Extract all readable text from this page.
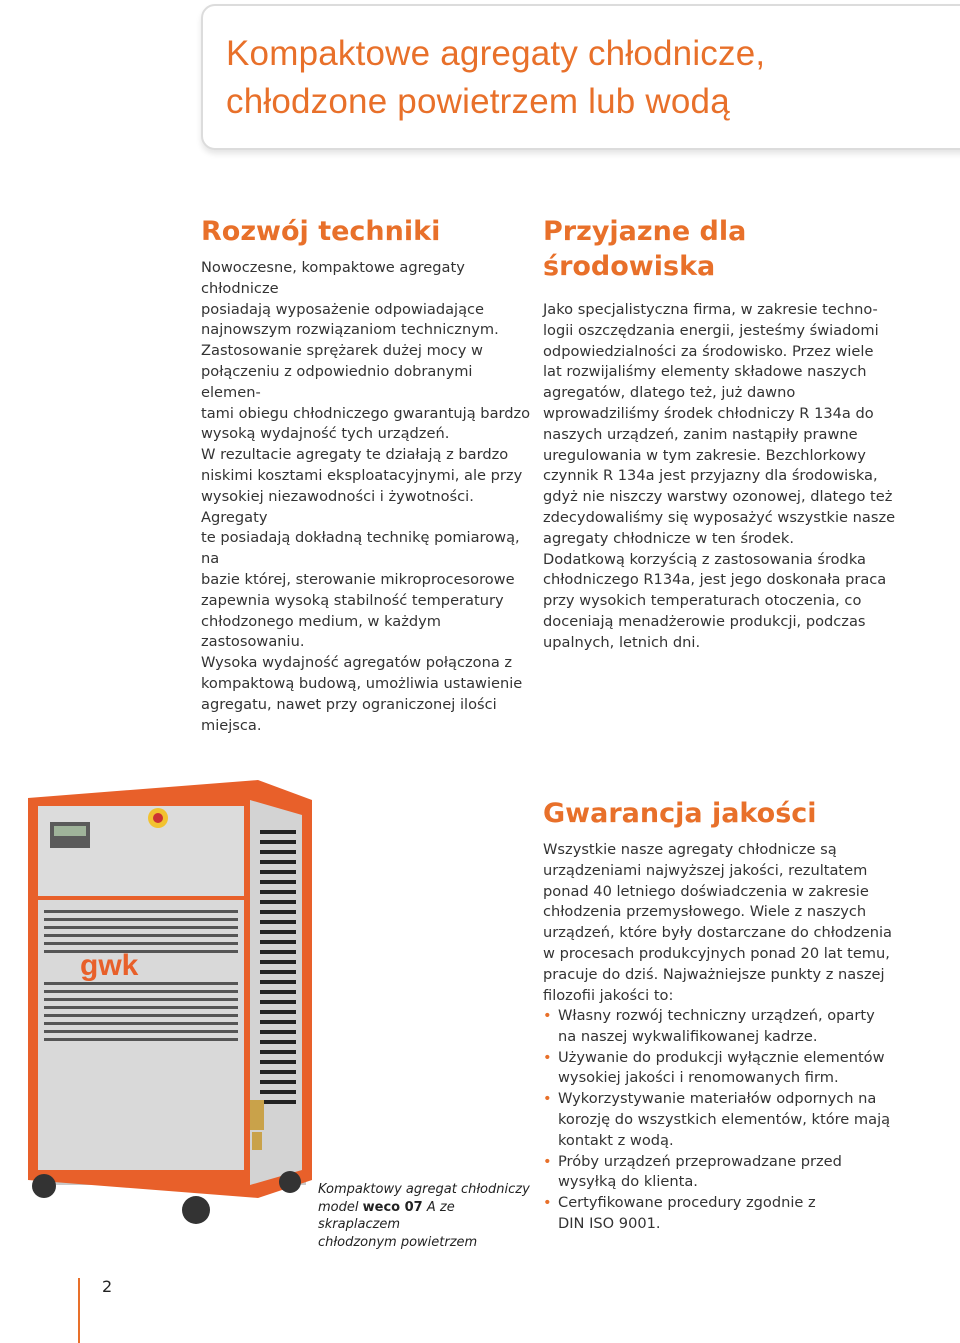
Kompaktowe agregaty chłodnicze,
chłodzone powietrzem lub wodą
Rozwój techniki
Nowoczesne, kompaktowe agregaty chłodnicze
posiadają wyposażenie odpowiadające
najnowszym rozwiązaniom technicznym.
Zastosowanie sprężarek dużej mocy w
połączeniu z odpowiednio dobranymi elemen-
tami obiegu chłodniczego gwarantują bardzo
wysoką wydajność tych urządzeń.
W rezultacie agregaty te działają z bardzo
niskimi kosztami eksploatacyjnymi, ale przy
wysokiej niezawodności i żywotności. Agregaty
te posiadają dokładną technikę pomiarową, na
bazie której, sterowanie mikroprocesorowe
zapewnia wysoką stabilność temperatury
chłodzonego medium, w każdym zastosowaniu.
Wysoka wydajność agregatów połączona z
kompaktową budową, umożliwia ustawienie
agregatu, nawet przy ograniczonej ilości
miejsca.
Przyjazne dla
środowiska
Jako specjalistyczna firma, w zakresie techno-
logii oszczędzania energii, jesteśmy świadomi
odpowiedzialności za środowisko. Przez wiele
lat rozwijaliśmy elementy składowe naszych
agregatów, dlatego też, już dawno
wprowadziliśmy środek chłodniczy R 134a do
naszych urządzeń, zanim nastąpiły prawne
uregulowania w tym zakresie. Bezchlorkowy
czynnik R 134a jest przyjazny dla środowiska,
gdyż nie niszczy warstwy ozonowej, dlatego też
zdecydowaliśmy się wyposażyć wszystkie nasze
agregaty chłodnicze w ten środek.
Dodatkową korzyścią z zastosowania środka
chłodniczego R134a, jest jego doskonała praca
przy wysokich temperaturach otoczenia, co
doceniają menadżerowie produkcji, podczas
upalnych, letnich dni.
gwk
Kompaktowy agregat chłodniczy
model weco 07 A ze skraplaczem
chłodzonym powietrzem
Gwarancja jakości
Wszystkie nasze agregaty chłodnicze są
urządzeniami najwyższej jakości, rezultatem
ponad 40 letniego doświadczenia w zakresie
chłodzenia przemysłowego. Wiele z naszych
urządzeń, które były dostarczane do chłodzenia
w procesach produkcyjnych ponad 20 lat temu,
pracuje do dziś. Najważniejsze punkty z naszej
filozofii jakości to:
• Własny rozwój techniczny urządzeń, oparty
na naszej wykwalifikowanej kadrze.
• Używanie do produkcji wyłącznie elementów
wysokiej jakości i renomowanych firm.
• Wykorzystywanie materiałów odpornych na
korozję do wszystkich elementów, które mają
kontakt z wodą.
• Próby urządzeń przeprowadzane przed
wysyłką do klienta.
• Certyfikowane procedury zgodnie z
DIN ISO 9001.
2
